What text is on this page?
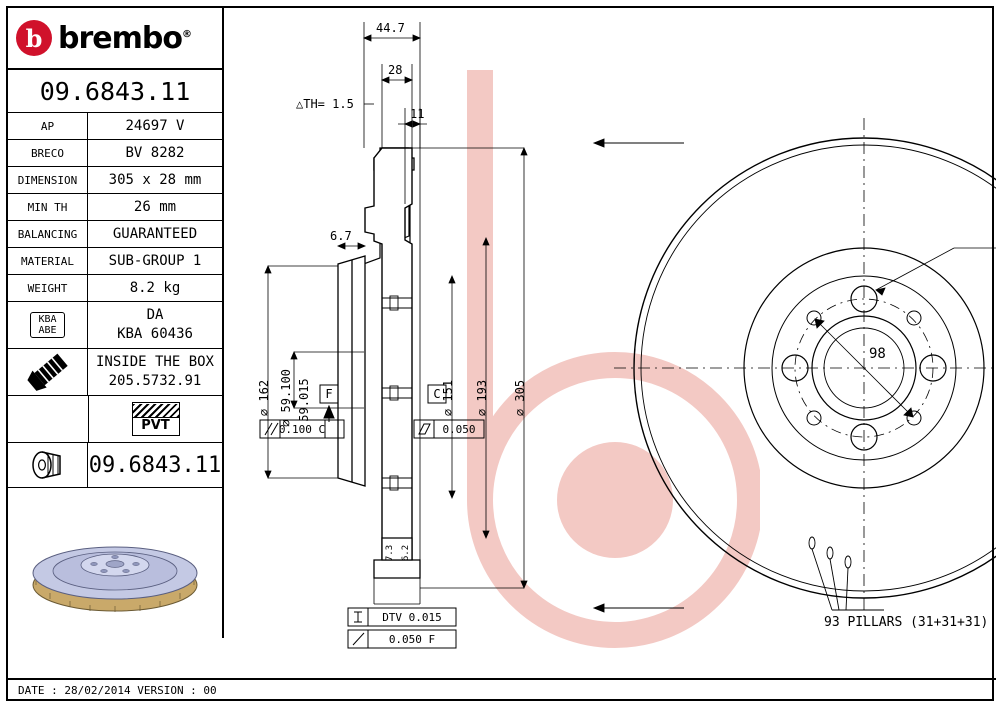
b brembo®
09.6843.11
AP	24697 V
BRECO	BV 8282
DIMENSION	305 x 28 mm
MIN TH	26 mm
BALANCING	GUARANTEED
MATERIAL	SUB-GROUP 1
WEIGHT	8.2 kg
KBA
ABE
DA
KBA 60436
INSIDE THE BOX
205.5732.91
PVT
09.6843.11
44.7
28
11
△TH= 1.5
6.7
⌀ 162 ⌀ 59.100 59.015	⌀ 151 ⌀ 193 ⌀ 305
F	C
0.100 C	0.050
7.3 6.2
DTV 0.015
0.050 F
98
93 PILLARS (31+31+31)
DATE : 28/02/2014 VERSION : 00
